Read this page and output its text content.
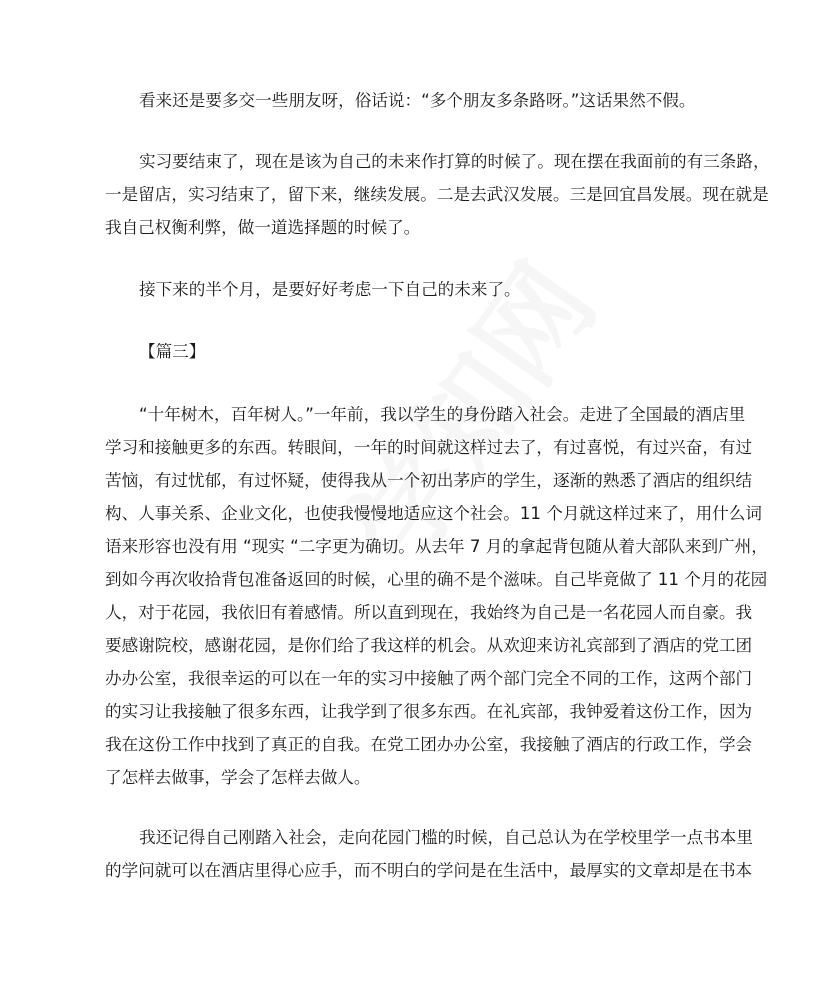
看来还是要多交一些朋友呀，俗话说：“多个朋友多条路呀。”这话果然不假。
实习要结束了，现在是该为自己的未来作打算的时候了。现在摆在我面前的有三条路，
一是留店，实习结束了，留下来，继续发展。二是去武汉发展。三是回宜昌发展。现在就是
我自己权衡利弊，做一道选择题的时候了。
接下来的半个月，是要好好考虑一下自己的未来了。
【篇三】
“十年树木，百年树人。”一年前，我以学生的身份踏入社会。走进了全国最的酒店里
学习和接触更多的东西。转眼间，一年的时间就这样过去了，有过喜悦，有过兴奋，有过
苦恼，有过忧郁，有过怀疑，使得我从一个初出茅庐的学生，逐渐的熟悉了酒店的组织结
构、人事关系、企业文化，也使我慢慢地适应这个社会。11 个月就这样过来了，用什么词
语来形容也没有用 “现实 “二字更为确切。从去年 7 月的拿起背包随从着大部队来到广州，
到如今再次收拾背包准备返回的时候，心里的确不是个滋味。自己毕竟做了 11 个月的花园
人，对于花园，我依旧有着感情。所以直到现在，我始终为自己是一名花园人而自豪。我
要感谢院校，感谢花园，是你们给了我这样的机会。从欢迎来访礼宾部到了酒店的党工团
办办公室，我很幸运的可以在一年的实习中接触了两个部门完全不同的工作，这两个部门
的实习让我接触了很多东西，让我学到了很多东西。在礼宾部，我钟爱着这份工作，因为
我在这份工作中找到了真正的自我。在党工团办办公室，我接触了酒店的行政工作，学会
了怎样去做事，学会了怎样去做人。
我还记得自己刚踏入社会，走向花园门槛的时候，自己总认为在学校里学一点书本里
的学问就可以在酒店里得心应手，而不明白的学问是在生活中，最厚实的文章却是在书本
